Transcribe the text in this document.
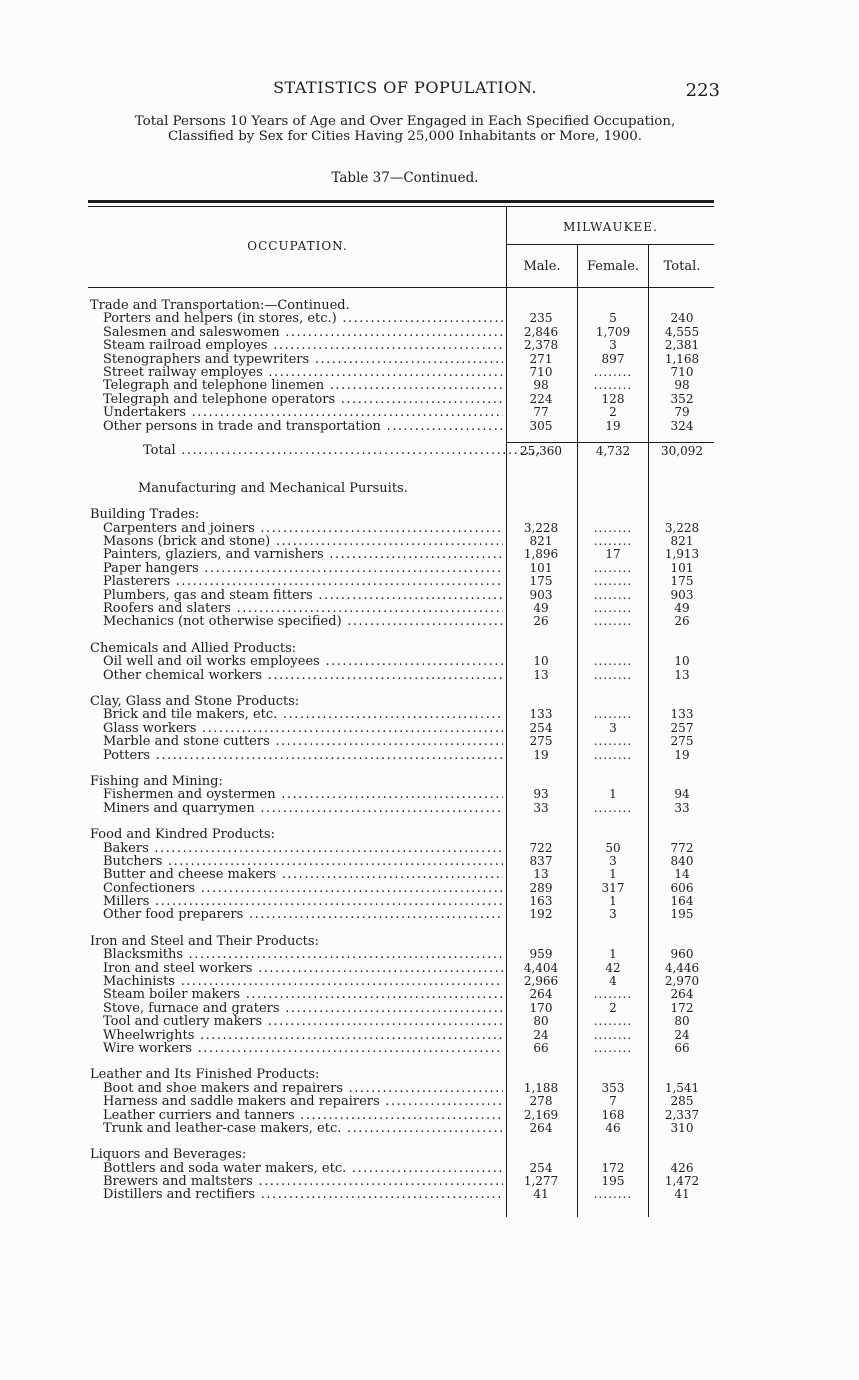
STATISTICS OF POPULATION.	223
Total Persons 10 Years of Age and Over Engaged in Each Specified Occupation,
Classified by Sex for Cities Having 25,000 Inhabitants or More, 1900.
Table 37—Continued.
OCCUPATION.
MILWAUKEE.
Male.	Female.	Total.
Trade and Transportation:—Continued.
Porters and helpers (in stores, etc.) .....	235	5	240
Salesmen and saleswomen .....	2,846	1,709	4,555
Steam railroad employes .....	2,378	3	2,381
Stenographers and typewriters .....	271	897	1,168
Street railway employes .....	710	........	710
Telegraph and telephone linemen .....	98	........	98
Telegraph and telephone operators .....	224	128	352
Undertakers .....	77	2	79
Other persons in trade and transportation .....	305	19	324
Total .....	25,360	4,732	30,092
Manufacturing and Mechanical Pursuits.
Building Trades:
Carpenters and joiners .....	3,228	........	3,228
Masons (brick and stone) .....	821	........	821
Painters, glaziers, and varnishers .....	1,896	17	1,913
Paper hangers .....	101	........	101
Plasterers .....	175	........	175
Plumbers, gas and steam fitters .....	903	........	903
Roofers and slaters .....	49	........	49
Mechanics (not otherwise specified) .....	26	........	26
Chemicals and Allied Products:
Oil well and oil works employees .....	10	........	10
Other chemical workers .....	13	........	13
Clay, Glass and Stone Products:
Brick and tile makers, etc. .....	133	........	133
Glass workers .....	254	3	257
Marble and stone cutters .....	275	........	275
Potters .....	19	........	19
Fishing and Mining:
Fishermen and oystermen .....	93	1	94
Miners and quarrymen .....	33	........	33
Food and Kindred Products:
Bakers .....	722	50	772
Butchers .....	837	3	840
Butter and cheese makers .....	13	1	14
Confectioners .....	289	317	606
Millers .....	163	1	164
Other food preparers .....	192	3	195
Iron and Steel and Their Products:
Blacksmiths .....	959	1	960
Iron and steel workers .....	4,404	42	4,446
Machinists .....	2,966	4	2,970
Steam boiler makers .....	264	........	264
Stove, furnace and graters .....	170	2	172
Tool and cutlery makers .....	80	........	80
Wheelwrights .....	24	........	24
Wire workers .....	66	........	66
Leather and Its Finished Products:
Boot and shoe makers and repairers .....	1,188	353	1,541
Harness and saddle makers and repairers .....	278	7	285
Leather curriers and tanners .....	2,169	168	2,337
Trunk and leather-case makers, etc. .....	264	46	310
Liquors and Beverages:
Bottlers and soda water makers, etc. .....	254	172	426
Brewers and maltsters .....	1,277	195	1,472
Distillers and rectifiers .....	41	........	41
